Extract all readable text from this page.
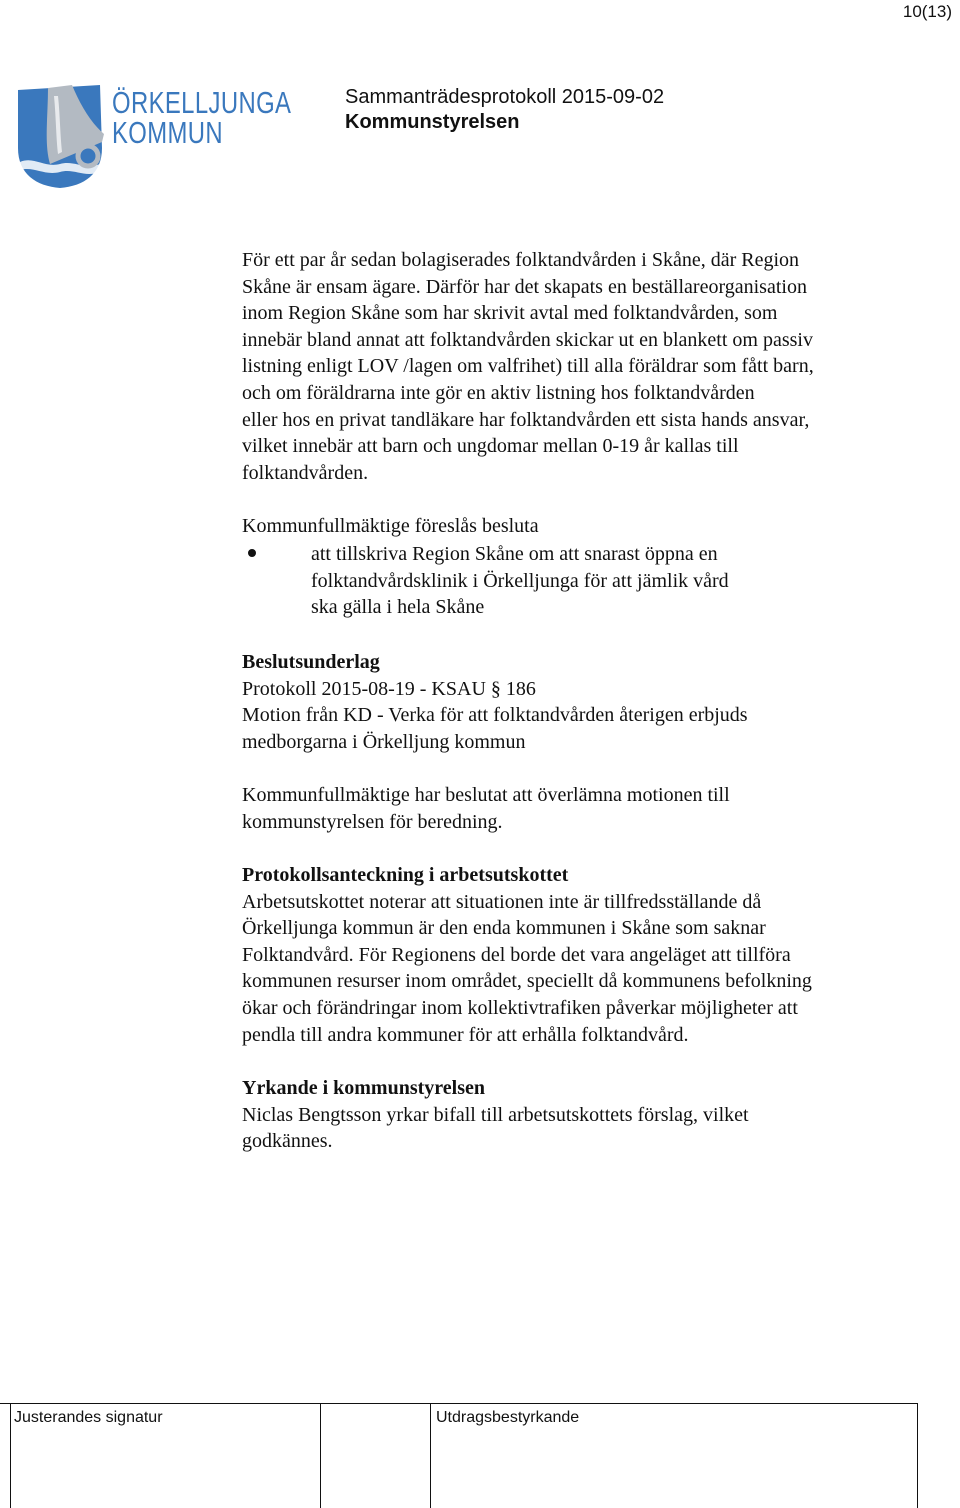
10(13)
ÖRKELLJUNGA
KOMMUN
Sammanträdesprotokoll 2015-09-02
Kommunstyrelsen
För ett par år sedan bolagiserades folktandvården i Skåne, där Region
Skåne är ensam ägare. Därför har det skapats en beställareorganisation
inom Region Skåne som har skrivit avtal med folktandvården, som
innebär bland annat att folktandvården skickar ut en blankett om passiv
listning enligt LOV /lagen om valfrihet) till alla föräldrar som fått barn,
och om föräldrarna inte gör en aktiv listning hos folktandvården
eller hos en privat tandläkare har folktandvården ett sista hands ansvar,
vilket innebär att barn och ungdomar mellan 0-19 år kallas till
folktandvården.
Kommunfullmäktige föreslås besluta
att tillskriva Region Skåne om att snarast öppna en
folktandvårdsklinik i Örkelljunga för att jämlik vård
ska gälla i hela Skåne
Beslutsunderlag
Protokoll 2015-08-19 - KSAU § 186
Motion från KD - Verka för att folktandvården återigen erbjuds
medborgarna i Örkelljung kommun
Kommunfullmäktige har beslutat att överlämna motionen till
kommunstyrelsen för beredning.
Protokollsanteckning i arbetsutskottet
Arbetsutskottet noterar att situationen inte är tillfredsställande då
Örkelljunga kommun är den enda kommunen i Skåne som saknar
Folktandvård. För Regionens del borde det vara angeläget att tillföra
kommunen resurser inom området, speciellt då kommunens befolkning
ökar och förändringar inom kollektivtrafiken påverkar möjligheter att
pendla till andra kommuner för att erhålla folktandvård.
Yrkande i kommunstyrelsen
Niclas Bengtsson yrkar bifall till arbetsutskottets förslag, vilket
godkännes.
Justerandes signatur	Utdragsbestyrkande
